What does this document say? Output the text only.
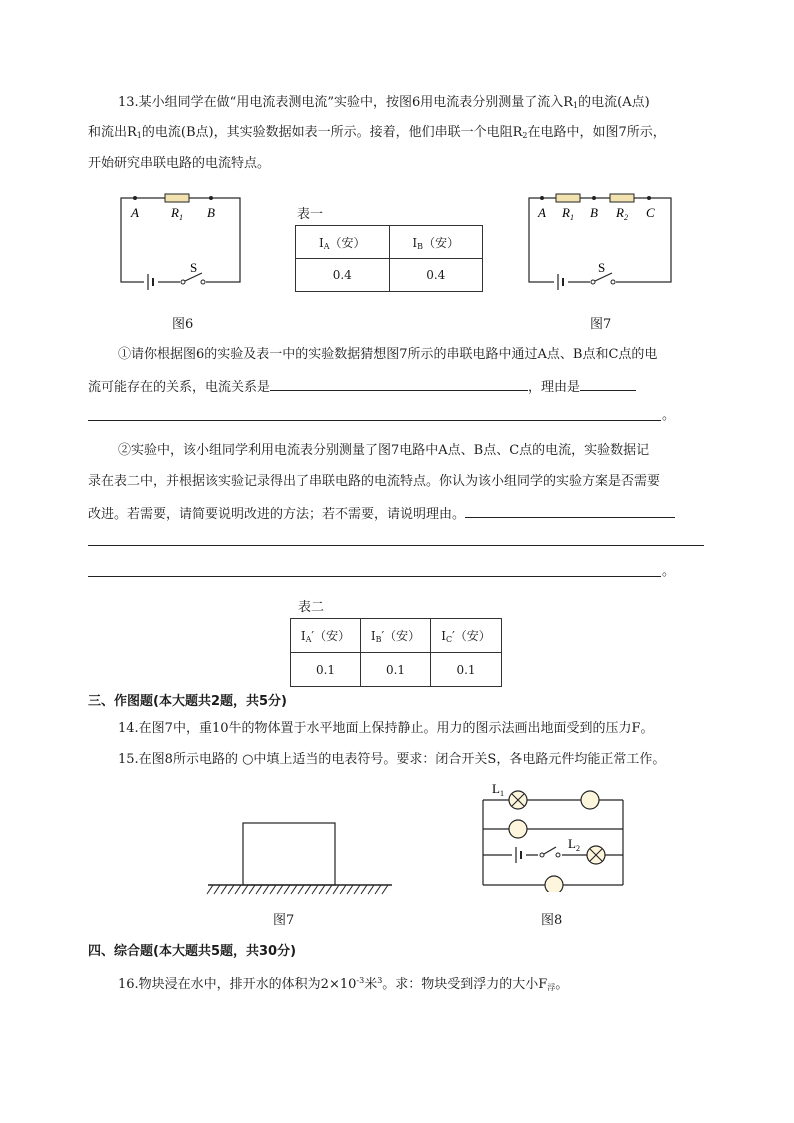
13.某小组同学在做“用电流表测电流”实验中，按图6用电流表分别测量了流入$R_1$的电流(A点)
和流出$R_1$的电流(B点)，其实验数据如表一所示。接着，他们串联一个电阻$R_2$在电路中，如图7所示，
开始研究串联电路的电流特点。
A $R_1$ B
S
图6
表一
$I_A$（安）	$I_B$（安）
0.4	0.4
A $R_1$ B $R_2$ C
S
图7
①请你根据图6的实验及表一中的实验数据猜想图7所示的串联电路中通过A点、B点和C点的电
流可能存在的关系，电流关系是	，理由是
。
②实验中，该小组同学利用电流表分别测量了图7电路中A点、B点、C点的电流，实验数据记
录在表二中，并根据该实验记录得出了串联电路的电流特点。你认为该小组同学的实验方案是否需要
改进。若需要，请简要说明改进的方法；若不需要，请说明理由。
。
表二
$I_A'$（安）	$I_B'$（安）	$I_C'$（安）
0.1	0.1	0.1
三、作图题(本大题共2题，共5分)
14.在图7中，重10牛的物体置于水平地面上保持静止。用力的图示法画出地面受到的压力F。
15.在图8所示电路的 ○中填上适当的电表符号。要求：闭合开关S，各电路元件均能正常工作。
图7
$L_1$
$L_2$
图8
四、综合题(本大题共5题，共30分)
16.物块浸在水中，排开水的体积为$2\times 10^{-3}$米$^3$。求：物块受到浮力的大小$F_浮$。
